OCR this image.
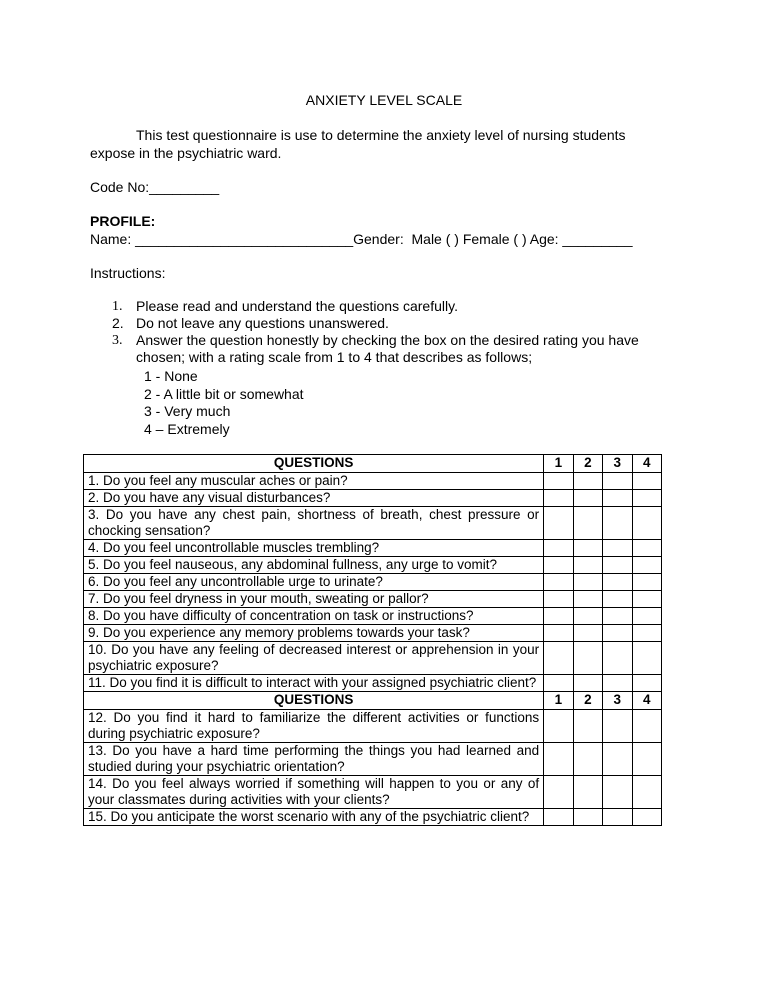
ANXIETY LEVEL SCALE
This test questionnaire is use to determine the anxiety level of nursing students
expose in the psychiatric ward.
Code No:_________
PROFILE:
Name: ____________________________Gender:  Male ( ) Female ( ) Age: _________
Instructions:
1. Please read and understand the questions carefully.
2. Do not leave any questions unanswered.
3. Answer the question honestly by checking the box on the desired rating you have chosen; with a rating scale from 1 to 4 that describes as follows;
1 - None
2 - A little bit or somewhat
3 - Very much
4 – Extremely
QUESTIONS	1	2	3	4
1. Do you feel any muscular aches or pain?				
2. Do you have any visual disturbances?				
3. Do you have any chest pain, shortness of breath, chest pressure or chocking sensation?				
4. Do you feel uncontrollable muscles trembling?				
5. Do you feel nauseous, any abdominal fullness, any urge to vomit?				
6. Do you feel any uncontrollable urge to urinate?				
7. Do you feel dryness in your mouth, sweating or pallor?				
8. Do you have difficulty of concentration on task or instructions?				
9. Do you experience any memory problems towards your task?				
10. Do you have any feeling of decreased interest or apprehension in your psychiatric exposure?				
11. Do you find it is difficult to interact with your assigned psychiatric client?				
QUESTIONS	1	2	3	4
12. Do you find it hard to familiarize the different activities or functions during psychiatric exposure?				
13. Do you have a hard time performing the things you had learned and studied during your psychiatric orientation?				
14. Do you feel always worried if something will happen to you or any of your classmates during activities with your clients?				
15. Do you anticipate the worst scenario with any of the psychiatric client?				
